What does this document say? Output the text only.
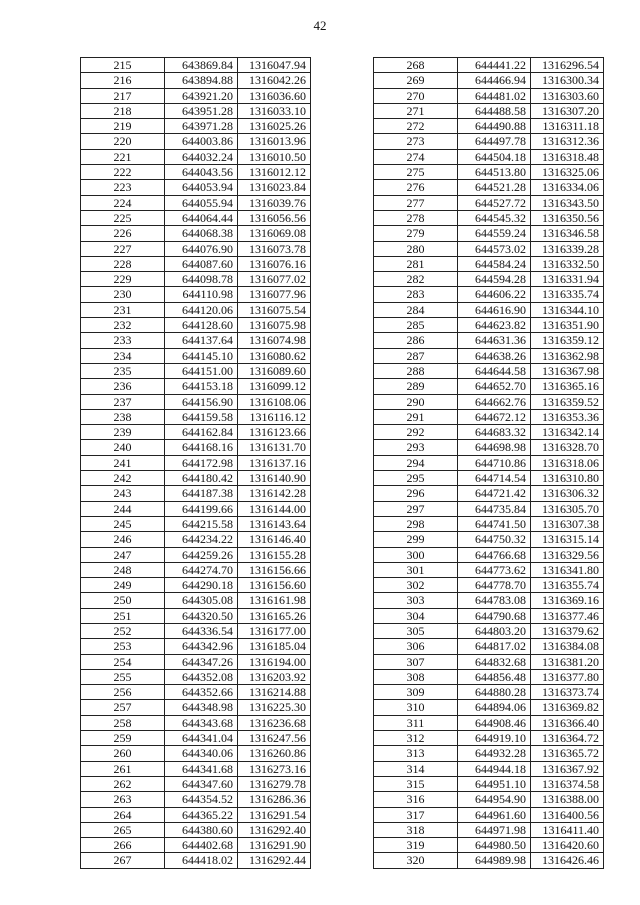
42
215	643869.84	1316047.94
216	643894.88	1316042.26
217	643921.20	1316036.60
218	643951.28	1316033.10
219	643971.28	1316025.26
220	644003.86	1316013.96
221	644032.24	1316010.50
222	644043.56	1316012.12
223	644053.94	1316023.84
224	644055.94	1316039.76
225	644064.44	1316056.56
226	644068.38	1316069.08
227	644076.90	1316073.78
228	644087.60	1316076.16
229	644098.78	1316077.02
230	644110.98	1316077.96
231	644120.06	1316075.54
232	644128.60	1316075.98
233	644137.64	1316074.98
234	644145.10	1316080.62
235	644151.00	1316089.60
236	644153.18	1316099.12
237	644156.90	1316108.06
238	644159.58	1316116.12
239	644162.84	1316123.66
240	644168.16	1316131.70
241	644172.98	1316137.16
242	644180.42	1316140.90
243	644187.38	1316142.28
244	644199.66	1316144.00
245	644215.58	1316143.64
246	644234.22	1316146.40
247	644259.26	1316155.28
248	644274.70	1316156.66
249	644290.18	1316156.60
250	644305.08	1316161.98
251	644320.50	1316165.26
252	644336.54	1316177.00
253	644342.96	1316185.04
254	644347.26	1316194.00
255	644352.08	1316203.92
256	644352.66	1316214.88
257	644348.98	1316225.30
258	644343.68	1316236.68
259	644341.04	1316247.56
260	644340.06	1316260.86
261	644341.68	1316273.16
262	644347.60	1316279.78
263	644354.52	1316286.36
264	644365.22	1316291.54
265	644380.60	1316292.40
266	644402.68	1316291.90
267	644418.02	1316292.44
268	644441.22	1316296.54
269	644466.94	1316300.34
270	644481.02	1316303.60
271	644488.58	1316307.20
272	644490.88	1316311.18
273	644497.78	1316312.36
274	644504.18	1316318.48
275	644513.80	1316325.06
276	644521.28	1316334.06
277	644527.72	1316343.50
278	644545.32	1316350.56
279	644559.24	1316346.58
280	644573.02	1316339.28
281	644584.24	1316332.50
282	644594.28	1316331.94
283	644606.22	1316335.74
284	644616.90	1316344.10
285	644623.82	1316351.90
286	644631.36	1316359.12
287	644638.26	1316362.98
288	644644.58	1316367.98
289	644652.70	1316365.16
290	644662.76	1316359.52
291	644672.12	1316353.36
292	644683.32	1316342.14
293	644698.98	1316328.70
294	644710.86	1316318.06
295	644714.54	1316310.80
296	644721.42	1316306.32
297	644735.84	1316305.70
298	644741.50	1316307.38
299	644750.32	1316315.14
300	644766.68	1316329.56
301	644773.62	1316341.80
302	644778.70	1316355.74
303	644783.08	1316369.16
304	644790.68	1316377.46
305	644803.20	1316379.62
306	644817.02	1316384.08
307	644832.68	1316381.20
308	644856.48	1316377.80
309	644880.28	1316373.74
310	644894.06	1316369.82
311	644908.46	1316366.40
312	644919.10	1316364.72
313	644932.28	1316365.72
314	644944.18	1316367.92
315	644951.10	1316374.58
316	644954.90	1316388.00
317	644961.60	1316400.56
318	644971.98	1316411.40
319	644980.50	1316420.60
320	644989.98	1316426.46
